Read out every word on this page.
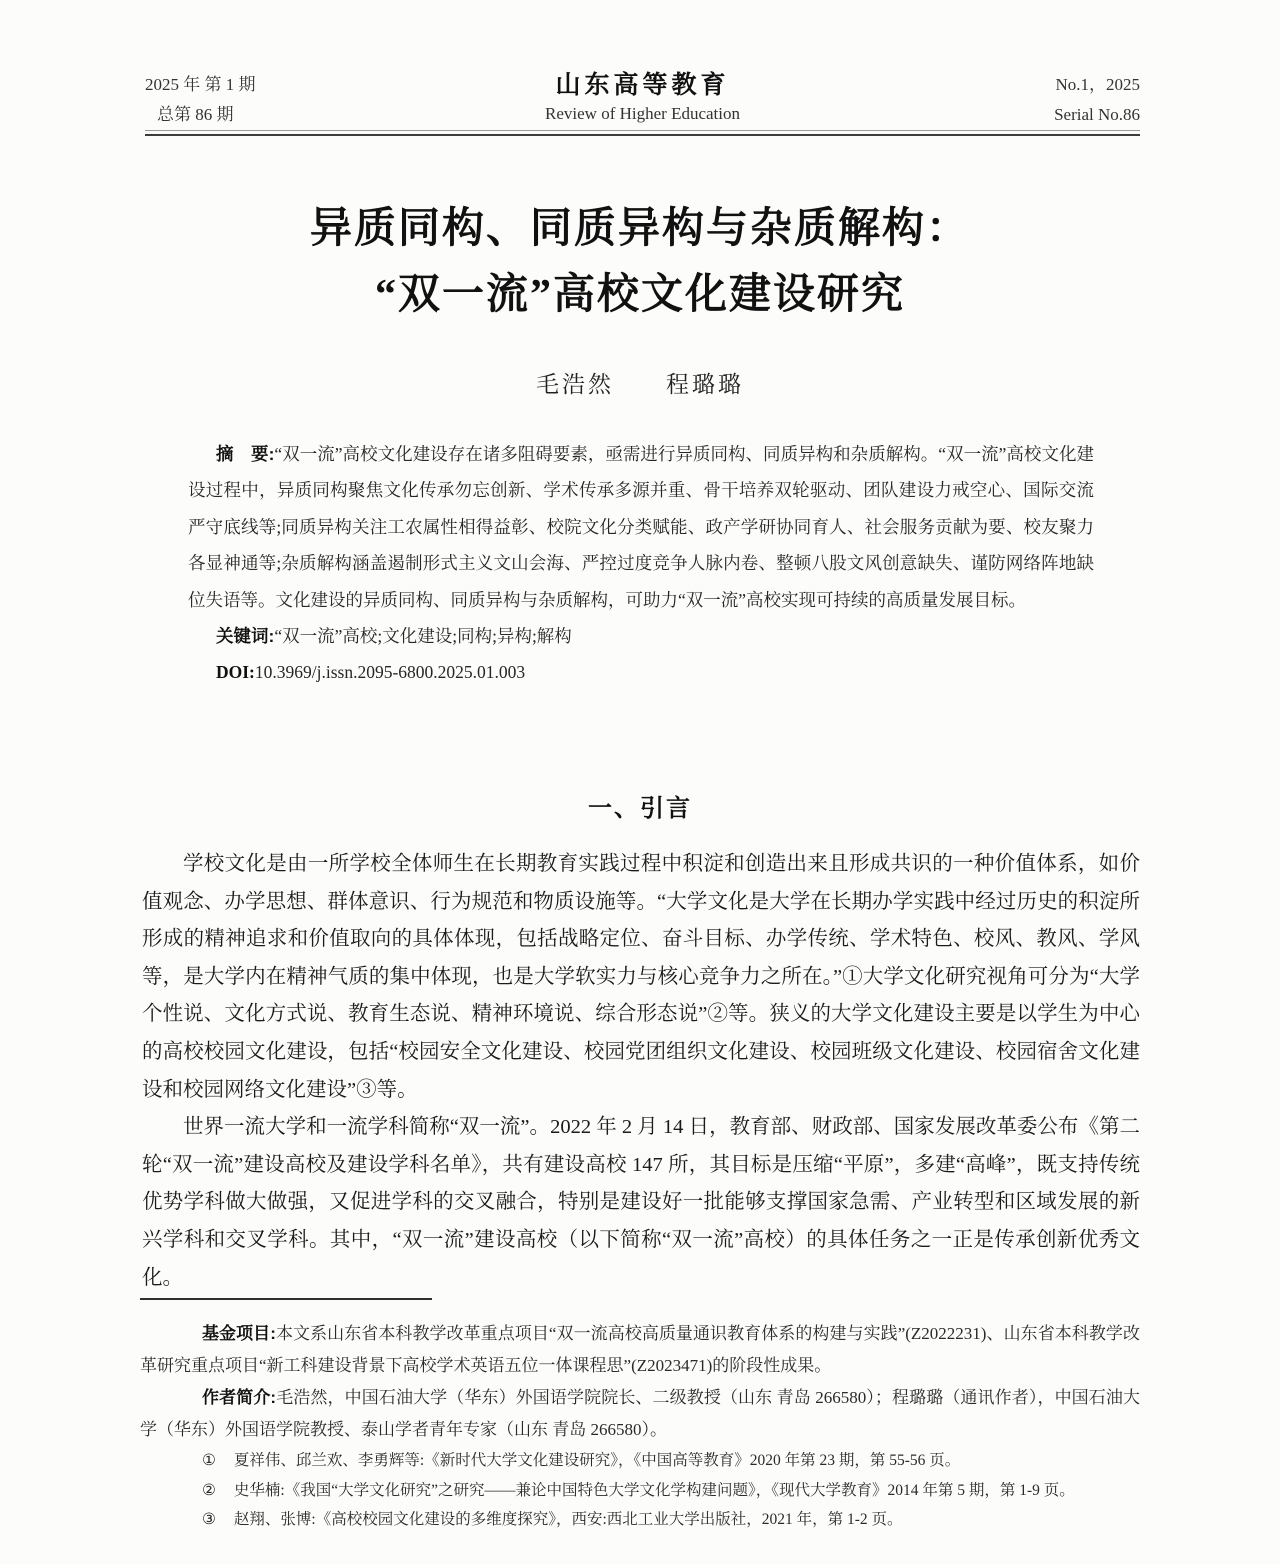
2025 年 第 1 期
总第 86 期
山东高等教育
Review of Higher Education
No.1，2025
Serial No.86
异质同构、同质异构与杂质解构：
“双一流”高校文化建设研究
毛浩然　　程璐璐

摘　要:“双一流”高校文化建设存在诸多阻碍要素，亟需进行异质同构、同质异构和杂质解构。“双一流”高校文化建设过程中，异质同构聚焦文化传承勿忘创新、学术传承多源并重、骨干培养双轮驱动、团队建设力戒空心、国际交流严守底线等;同质异构关注工农属性相得益彰、校院文化分类赋能、政产学研协同育人、社会服务贡献为要、校友聚力各显神通等;杂质解构涵盖遏制形式主义文山会海、严控过度竞争人脉内卷、整顿八股文风创意缺失、谨防网络阵地缺位失语等。文化建设的异质同构、同质异构与杂质解构，可助力“双一流”高校实现可持续的高质量发展目标。

关键词:“双一流”高校;文化建设;同构;异构;解构

DOI:10.3969/j.issn.2095-6800.2025.01.003

一、引言

学校文化是由一所学校全体师生在长期教育实践过程中积淀和创造出来且形成共识的一种价值体系，如价值观念、办学思想、群体意识、行为规范和物质设施等。“大学文化是大学在长期办学实践中经过历史的积淀所形成的精神追求和价值取向的具体体现，包括战略定位、奋斗目标、办学传统、学术特色、校风、教风、学风等，是大学内在精神气质的集中体现，也是大学软实力与核心竞争力之所在。”①大学文化研究视角可分为“大学个性说、文化方式说、教育生态说、精神环境说、综合形态说”②等。狭义的大学文化建设主要是以学生为中心的高校校园文化建设，包括“校园安全文化建设、校园党团组织文化建设、校园班级文化建设、校园宿舍文化建设和校园网络文化建设”③等。

世界一流大学和一流学科简称“双一流”。2022 年 2 月 14 日，教育部、财政部、国家发展改革委公布《第二轮“双一流”建设高校及建设学科名单》，共有建设高校 147 所，其目标是压缩“平原”，多建“高峰”，既支持传统优势学科做大做强，又促进学科的交叉融合，特别是建设好一批能够支撑国家急需、产业转型和区域发展的新兴学科和交叉学科。其中，“双一流”建设高校（以下简称“双一流”高校）的具体任务之一正是传承创新优秀文化。

基金项目:本文系山东省本科教学改革重点项目“双一流高校高质量通识教育体系的构建与实践”(Z2022231)、山东省本科教学改革研究重点项目“新工科建设背景下高校学术英语五位一体课程思”(Z2023471)的阶段性成果。

作者简介:毛浩然，中国石油大学（华东）外国语学院院长、二级教授（山东 青岛 266580）；程璐璐（通讯作者），中国石油大学（华东）外国语学院教授、泰山学者青年专家（山东 青岛 266580）。

① 夏祥伟、邱兰欢、李勇辉等:《新时代大学文化建设研究》，《中国高等教育》2020 年第 23 期，第 55-56 页。
② 史华楠:《我国“大学文化研究”之研究——兼论中国特色大学文化学构建问题》，《现代大学教育》2014 年第 5 期，第 1-9 页。
③ 赵翔、张博:《高校校园文化建设的多维度探究》，西安:西北工业大学出版社，2021 年，第 1-2 页。
